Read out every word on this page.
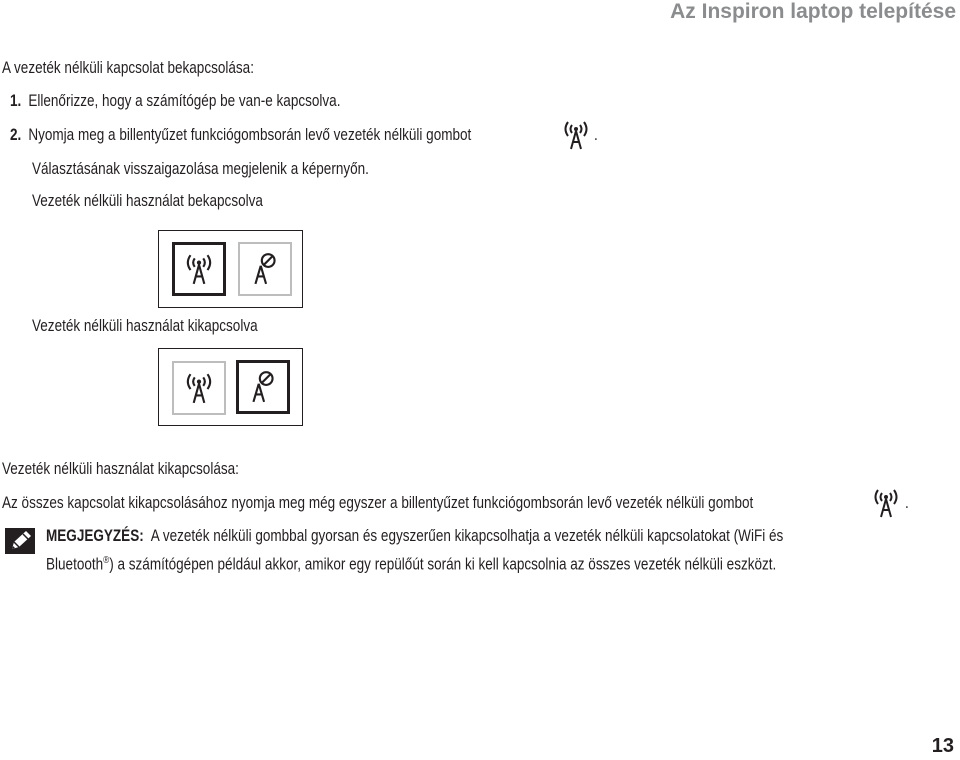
Az Inspiron laptop telepítése
A vezeték nélküli kapcsolat bekapcsolása:
1. Ellenőrizze, hogy a számítógép be van-e kapcsolva.
2. Nyomja meg a billentyűzet funkciógombsorán levő vezeték nélküli gombot	.
Választásának visszaigazolása megjelenik a képernyőn.
Vezeték nélküli használat bekapcsolva
Vezeték nélküli használat kikapcsolva
Vezeték nélküli használat kikapcsolása:
Az összes kapcsolat kikapcsolásához nyomja meg még egyszer a billentyűzet funkciógombsorán levő vezeték nélküli gombot	.
MEGJEGYZÉS: A vezeték nélküli gombbal gyorsan és egyszerűen kikapcsolhatja a vezeték nélküli kapcsolatokat (WiFi és
Bluetooth®) a számítógépen például akkor, amikor egy repülőút során ki kell kapcsolnia az összes vezeték nélküli eszközt.
13
